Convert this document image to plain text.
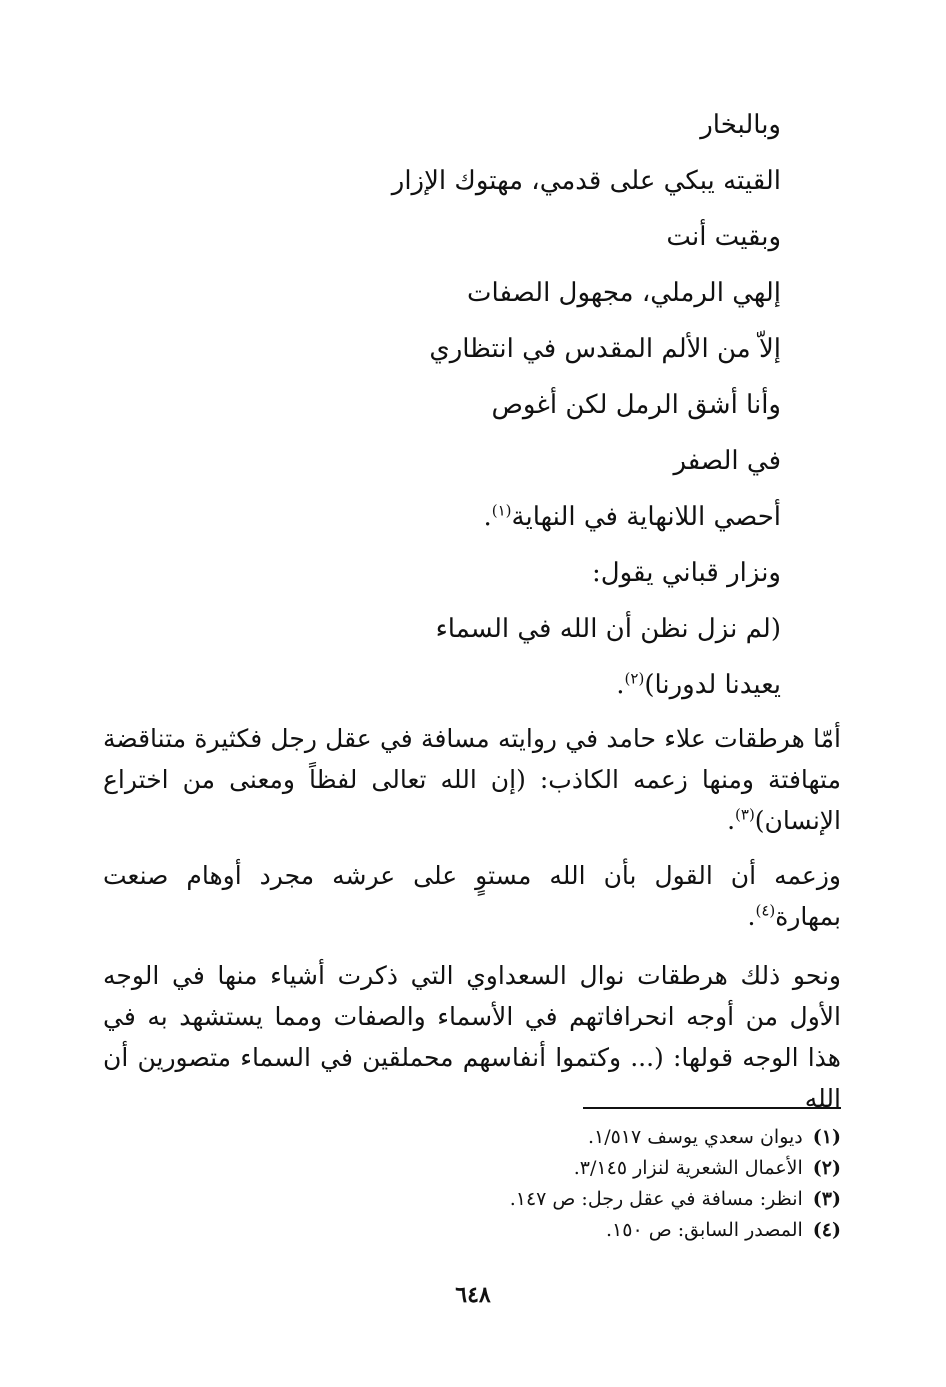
وبالبخار
القيته يبكي على قدمي، مهتوك الإزار
وبقيت أنت
إلهي الرملي، مجهول الصفات
إلاّ من الألم المقدس في انتظاري
وأنا أشق الرمل لكن أغوص
في الصفر
أحصي اللانهاية في النهاية$^{(١)}$.
ونزار قباني يقول:
(لم نزل نظن أن الله في السماء
يعيدنا لدورنا)$^{(٢)}$.

أمّا هرطقات علاء حامد في روايته مسافة في عقل رجل فكثيرة متناقضة متهافتة ومنها زعمه الكاذب: (إن الله تعالى لفظاً ومعنى من اختراع الإنسان)$^{(٣)}$.

وزعمه أن القول بأن الله مستوٍ على عرشه مجرد أوهام صنعت بمهارة$^{(٤)}$.

ونحو ذلك هرطقات نوال السعداوي التي ذكرت أشياء منها في الوجه الأول من أوجه انحرافاتهم في الأسماء والصفات ومما يستشهد به في هذا الوجه قولها: (... وكتموا أنفاسهم محملقين في السماء متصورين أن الله

(١)ديوان سعدي يوسف ١/٥١٧.
(٢)الأعمال الشعرية لنزار ٣/١٤٥.
(٣)انظر: مسافة في عقل رجل: ص ١٤٧.
(٤)المصدر السابق: ص ١٥٠.
٦٤٨
